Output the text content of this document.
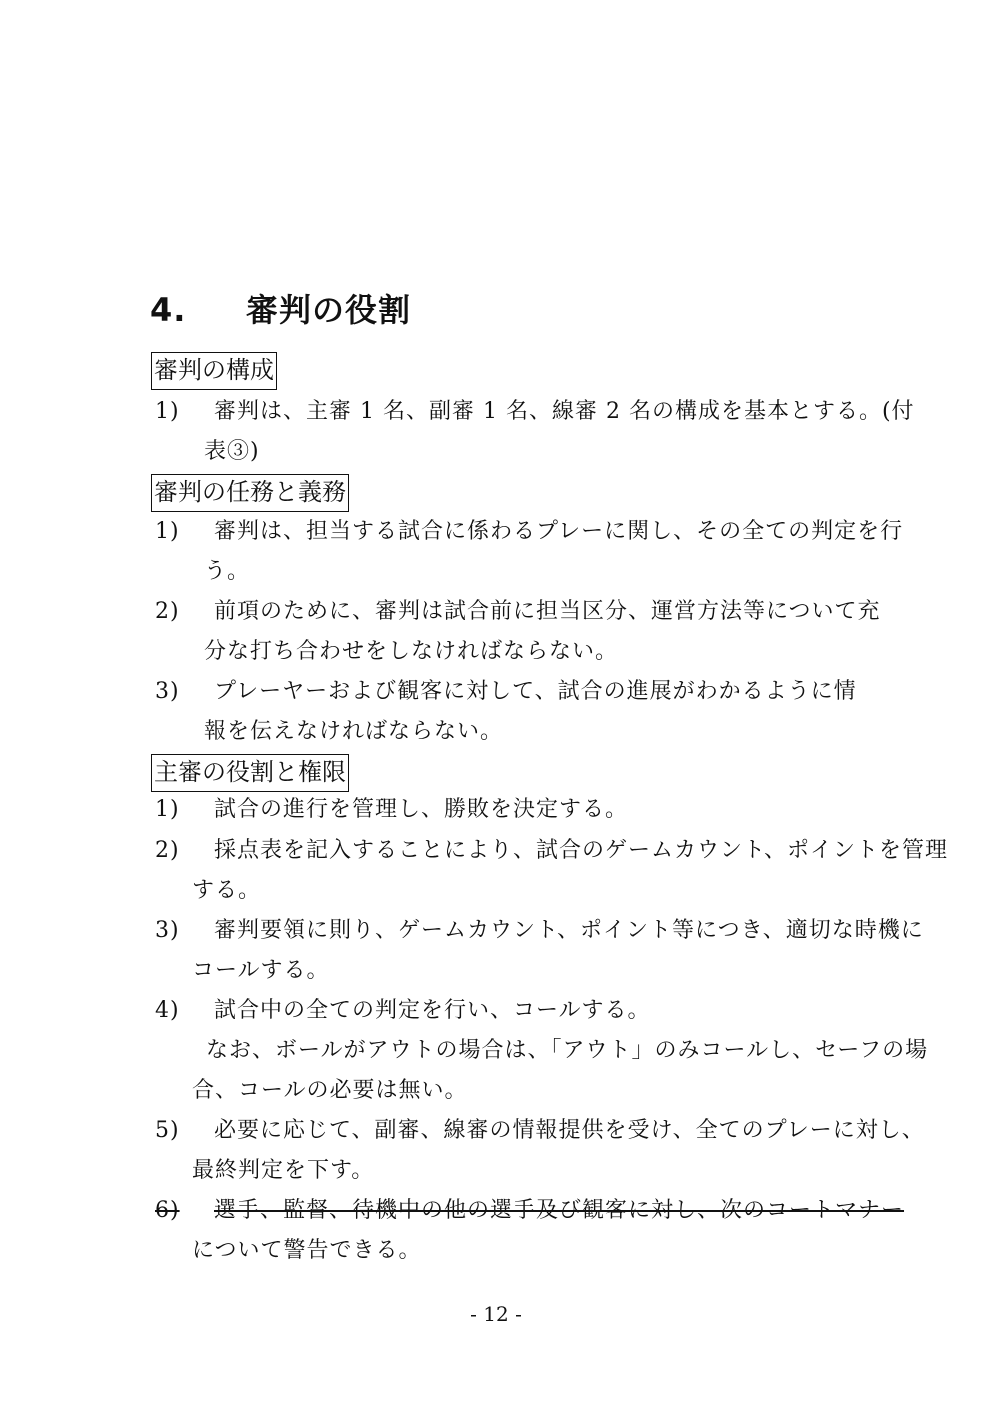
4. 審判の役割
審判の構成
1) 審判は、主審 1 名、副審 1 名、線審 2 名の構成を基本とする。(付
表③)
審判の任務と義務
1) 審判は、担当する試合に係わるプレーに関し、その全ての判定を行
う。
2) 前項のために、審判は試合前に担当区分、運営方法等について充
分な打ち合わせをしなければならない。
3) プレーヤーおよび観客に対して、試合の進展がわかるように情
報を伝えなければならない。
主審の役割と権限
1) 試合の進行を管理し、勝敗を決定する。
2) 採点表を記入することにより、試合のゲームカウント、ポイントを管理
する。
3) 審判要領に則り、ゲームカウント、ポイント等につき、適切な時機に
コールする。
4) 試合中の全ての判定を行い、コールする。
なお、ボールがアウトの場合は、「アウト」のみコールし、セーフの場
合、コールの必要は無い。
5) 必要に応じて、副審、線審の情報提供を受け、全てのプレーに対し、
最終判定を下す。
6) 選手、監督、待機中の他の選手及び観客に対し、次のコートマナー
について警告できる。
- 12 -
